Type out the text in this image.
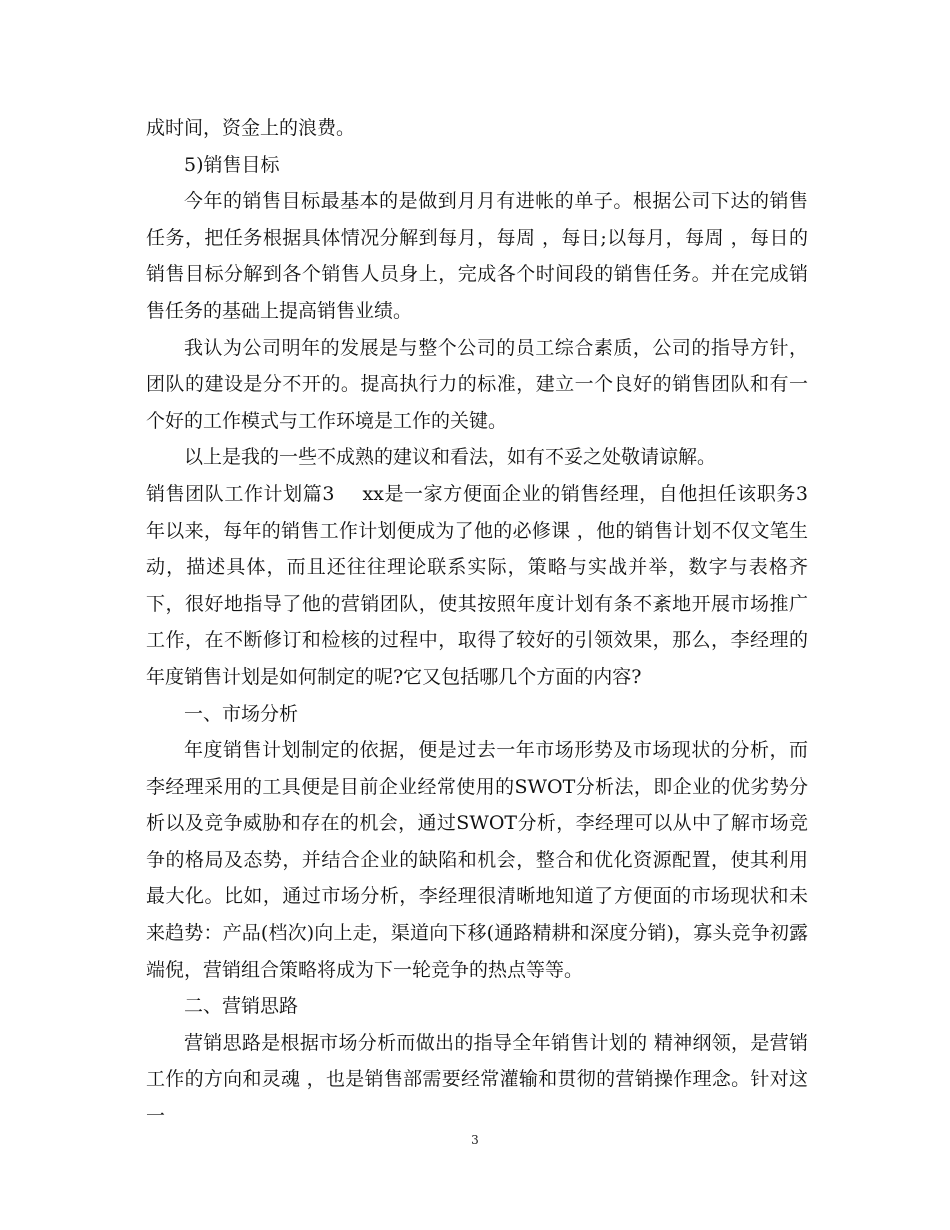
成时间，资金上的浪费。

5)销售目标

今年的销售目标最基本的是做到月月有进帐的单子。根据公司下达的销售任务，把任务根据具体情况分解到每月，每周 ，每日;以每月，每周 ，每日的销售目标分解到各个销售人员身上，完成各个时间段的销售任务。并在完成销售任务的基础上提高销售业绩。

我认为公司明年的发展是与整个公司的员工综合素质，公司的指导方针，团队的建设是分不开的。提高执行力的标准，建立一个良好的销售团队和有一个好的工作模式与工作环境是工作的关键。

以上是我的一些不成熟的建议和看法，如有不妥之处敬请谅解。

销售团队工作计划篇3 xx是一家方便面企业的销售经理，自他担任该职务3年以来，每年的销售工作计划便成为了他的必修课 ，他的销售计划不仅文笔生动，描述具体，而且还往往理论联系实际，策略与实战并举，数字与表格齐下，很好地指导了他的营销团队，使其按照年度计划有条不紊地开展市场推广工作，在不断修订和检核的过程中，取得了较好的引领效果，那么，李经理的年度销售计划是如何制定的呢?它又包括哪几个方面的内容?

一、市场分析

年度销售计划制定的依据，便是过去一年市场形势及市场现状的分析，而李经理采用的工具便是目前企业经常使用的SWOT分析法，即企业的优劣势分析以及竞争威胁和存在的机会，通过SWOT分析，李经理可以从中了解市场竞争的格局及态势，并结合企业的缺陷和机会，整合和优化资源配置，使其利用最大化。比如，通过市场分析，李经理很清晰地知道了方便面的市场现状和未来趋势：产品(档次)向上走，渠道向下移(通路精耕和深度分销)，寡头竞争初露端倪，营销组合策略将成为下一轮竞争的热点等等。

二、营销思路

营销思路是根据市场分析而做出的指导全年销售计划的 精神纲领，是营销工作的方向和灵魂 ，也是销售部需要经常灌输和贯彻的营销操作理念。针对这一

3
